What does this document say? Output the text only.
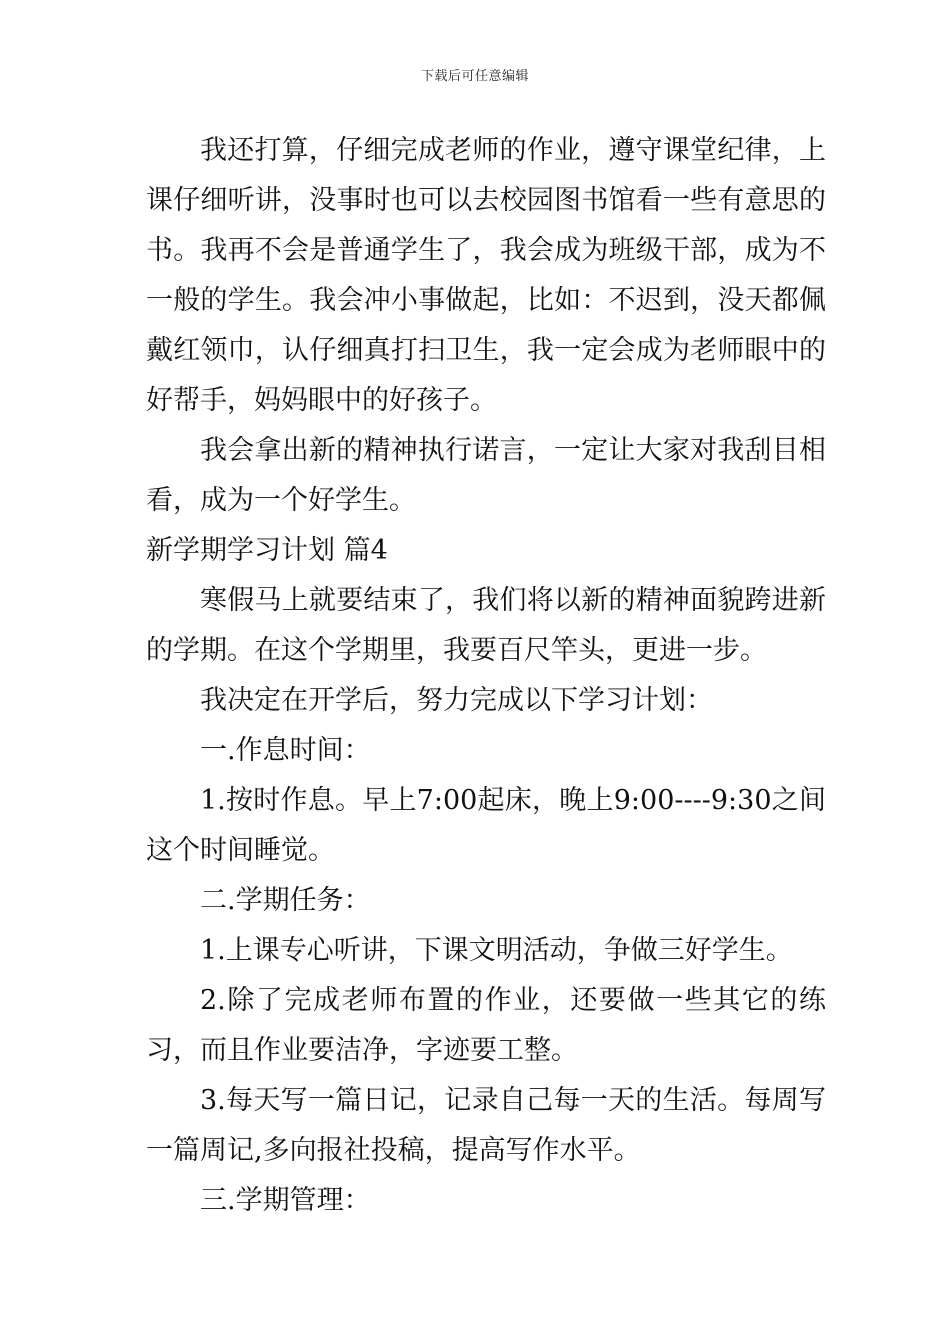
下载后可任意编辑

我还打算，仔细完成老师的作业，遵守课堂纪律，上课仔细听讲，没事时也可以去校园图书馆看一些有意思的书。我再不会是普通学生了，我会成为班级干部，成为不一般的学生。我会冲小事做起，比如：不迟到，没天都佩戴红领巾，认仔细真打扫卫生，我一定会成为老师眼中的好帮手，妈妈眼中的好孩子。

我会拿出新的精神执行诺言，一定让大家对我刮目相看，成为一个好学生。

新学期学习计划 篇4

寒假马上就要结束了，我们将以新的精神面貌跨进新的学期。在这个学期里，我要百尺竿头，更进一步。

我决定在开学后，努力完成以下学习计划：

一.作息时间：

1.按时作息。早上7:00起床，晚上9:00----9:30之间这个时间睡觉。

二.学期任务：

1.上课专心听讲，下课文明活动，争做三好学生。

2.除了完成老师布置的作业，还要做一些其它的练习，而且作业要洁净，字迹要工整。

3.每天写一篇日记，记录自己每一天的生活。每周写一篇周记,多向报社投稿，提高写作水平。

三.学期管理：
